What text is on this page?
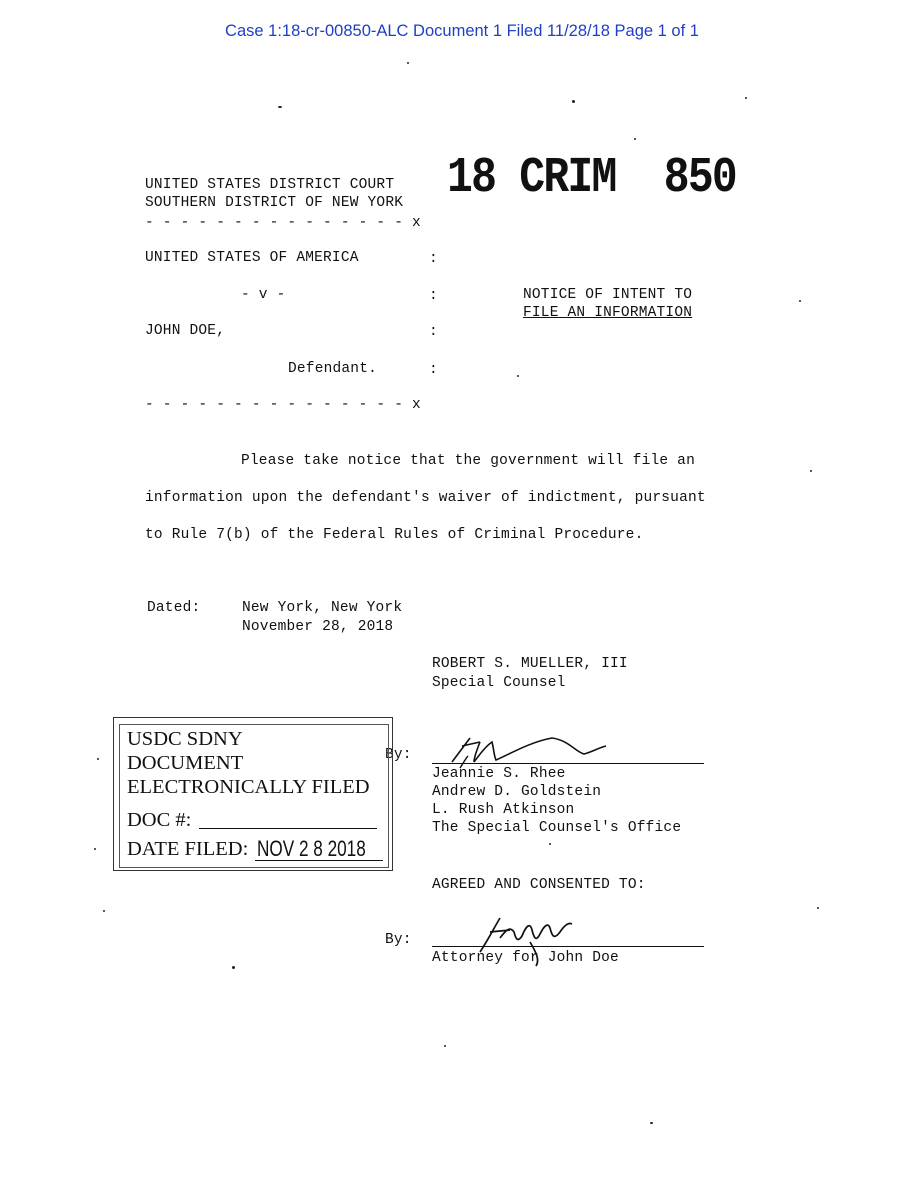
Case 1:18-cr-00850-ALC Document 1 Filed 11/28/18 Page 1 of 1
18 CRIM  850
UNITED STATES DISTRICT COURT
SOUTHERN DISTRICT OF NEW YORK
- - - - - - - - - - - - - - - x
UNITED STATES OF AMERICA	:
- v -	:
JOHN DOE,	:
Defendant.	:
- - - - - - - - - - - - - - - x
NOTICE OF INTENT TO
FILE AN INFORMATION
Please take notice that the government will file an
information upon the defendant's waiver of indictment, pursuant
to Rule 7(b) of the Federal Rules of Criminal Procedure.
Dated:	New York, New York
November 28, 2018
ROBERT S. MUELLER, III
Special Counsel
By:
Jeannie S. Rhee
Andrew D. Goldstein
L. Rush Atkinson
The Special Counsel's Office
AGREED AND CONSENTED TO:
By:
Attorney for John Doe
USDC SDNY
DOCUMENT
ELECTRONICALLY FILED
DOC #:
DATE FILED: NOV 2 8 2018
